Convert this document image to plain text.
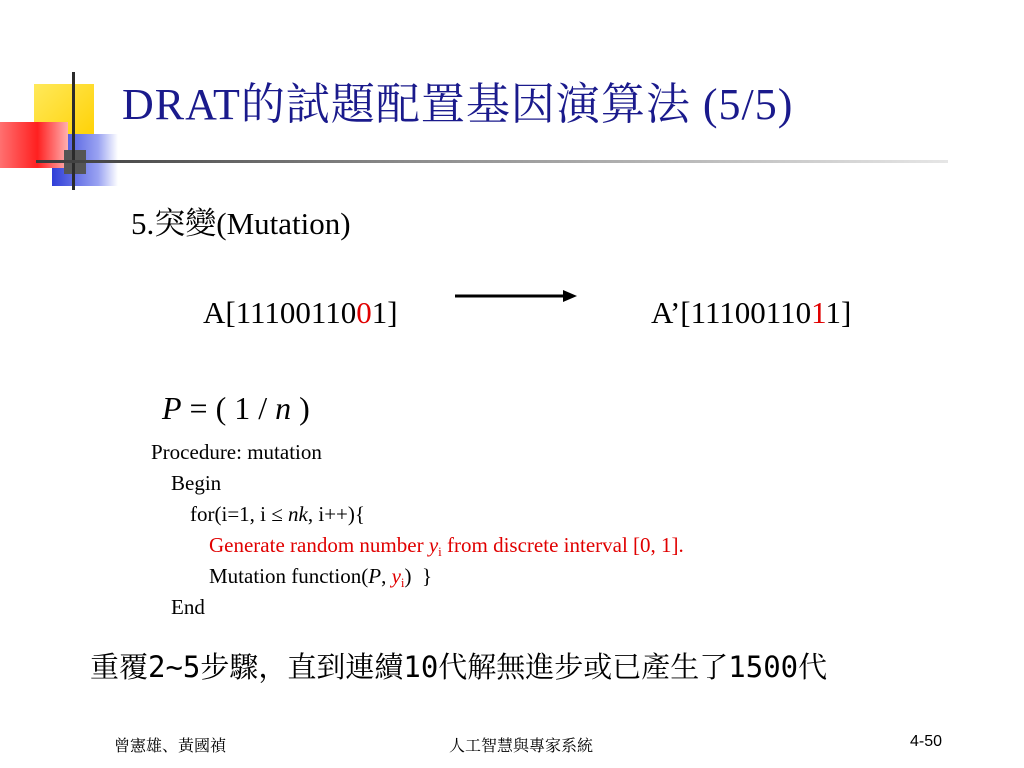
DRAT的試題配置基因演算法 (5/5)
5.突變(Mutation)
A[1110011001]	A’[1110011011]
P = ( 1 / n )
Procedure: mutation
Begin
for(i=1, i ≤ nk, i++){
Generate random number $y_i$ from discrete interval [0, 1].
Mutation function(P, $y_i$)  }
End
重覆2~5步驟，直到連續10代解無進步或已產生了1500代
曾憲雄、黃國禎	人工智慧與專家系統	4-50
